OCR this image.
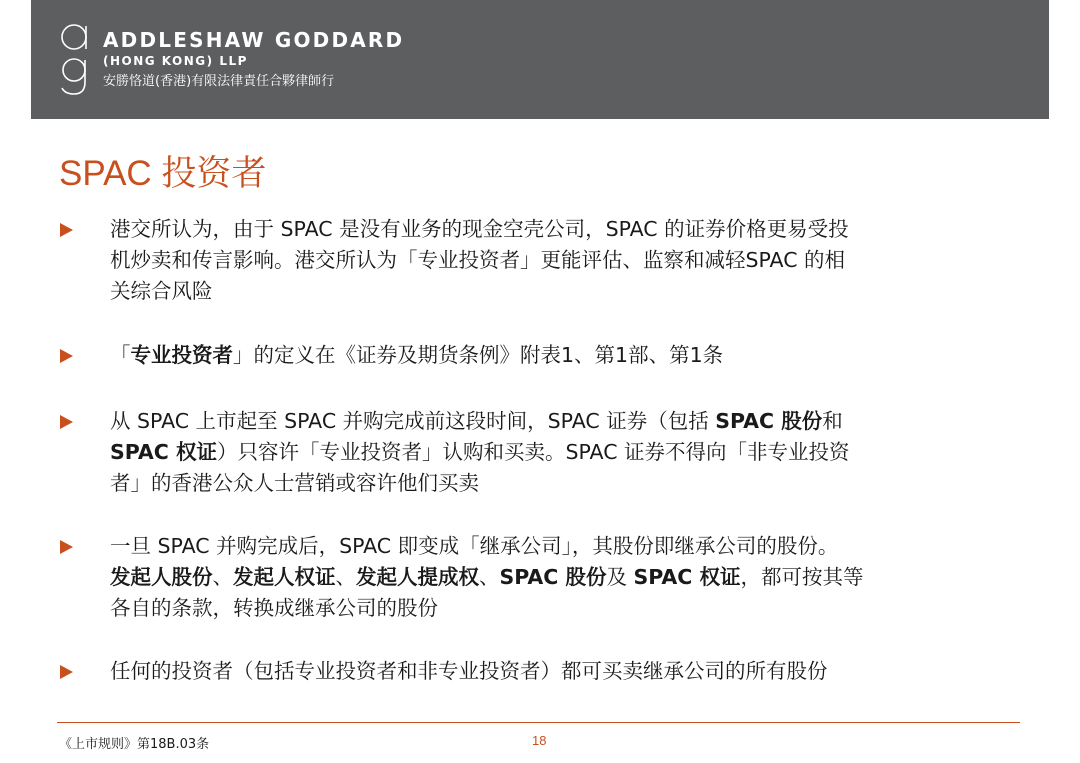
ADDLESHAW GODDARD
(HONG KONG) LLP
安勝恪道(香港)有限法律責任合夥律師行
SPAC 投资者
港交所认为，由于 SPAC 是没有业务的现金空壳公司，SPAC 的证券价格更易受投
机炒卖和传言影响。港交所认为「专业投资者」更能评估、监察和减轻SPAC 的相
关综合风险
「专业投资者」的定义在《证券及期货条例》附表1、第1部、第1条
从 SPAC 上市起至 SPAC 并购完成前这段时间，SPAC 证券（包括 SPAC 股份和
SPAC 权证）只容许「专业投资者」认购和买卖。SPAC 证券不得向「非专业投资
者」的香港公众人士营销或容许他们买卖
一旦 SPAC 并购完成后，SPAC 即变成「继承公司」，其股份即继承公司的股份。
发起人股份、发起人权证、发起人提成权、SPAC 股份及 SPAC 权证，都可按其等
各自的条款，转换成继承公司的股份
任何的投资者（包括专业投资者和非专业投资者）都可买卖继承公司的所有股份
《上市规则》第18B.03条	18
